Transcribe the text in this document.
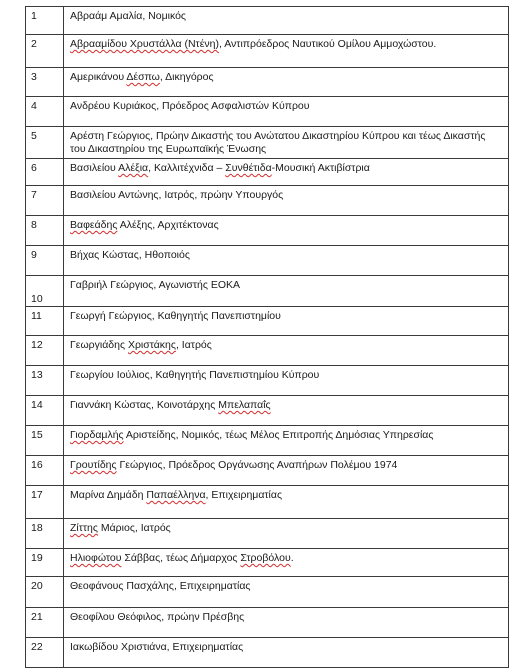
1	Αβραάμ Αμαλία, Νομικός
2	Αβρααμίδου Χρυστάλλα (Ντένη), Αντιπρόεδρος Ναυτικού Ομίλου Αμμοχώστου.
3	Αμερικάνου Δέσπω, Δικηγόρος
4	Ανδρέου Κυριάκος, Πρόεδρος Ασφαλιστών Κύπρου
5	Αρέστη Γεώργιος, Πρώην Δικαστής του Ανώτατου Δικαστηρίου Κύπρου και τέως Δικαστής του Δικαστηρίου της Ευρωπαϊκής Ένωσης
6	Βασιλείου Αλέξια, Καλλιτέχνιδα – Συνθέτιδα-Μουσική Ακτιβίστρια
7	Βασιλείου Αντώνης, Ιατρός, πρώην Υπουργός
8	Βαφεάδης Αλέξης, Αρχιτέκτονας
9	Βήχας Κώστας, Ηθοποιός
10	Γαβριήλ Γεώργιος, Αγωνιστής ΕΟΚΑ
11	Γεωργή Γεώργιος, Καθηγητής Πανεπιστημίου
12	Γεωργιάδης Χριστάκης, Ιατρός
13	Γεωργίου Ιούλιος, Καθηγητής Πανεπιστημίου Κύπρου
14	Γιαννάκη Κώστας, Κοινοτάρχης Μπελαπαΐς
15	Γιορδαμλής Αριστείδης, Νομικός, τέως Μέλος Επιτροπής Δημόσιας Υπηρεσίας
16	Γρουτίδης Γεώργιος, Πρόεδρος Οργάνωσης Αναπήρων Πολέμου 1974
17	Μαρίνα Δημάδη Παπαέλληνα, Επιχειρηματίας
18	Ζίττης Μάριος, Ιατρός
19	Ηλιοφώτου Σάββας, τέως Δήμαρχος Στροβόλου.
20	Θεοφάνους Πασχάλης, Επιχειρηματίας
21	Θεοφίλου Θεόφιλος, πρώην Πρέσβης
22	Ιακωβίδου Χριστιάνα, Επιχειρηματίας
